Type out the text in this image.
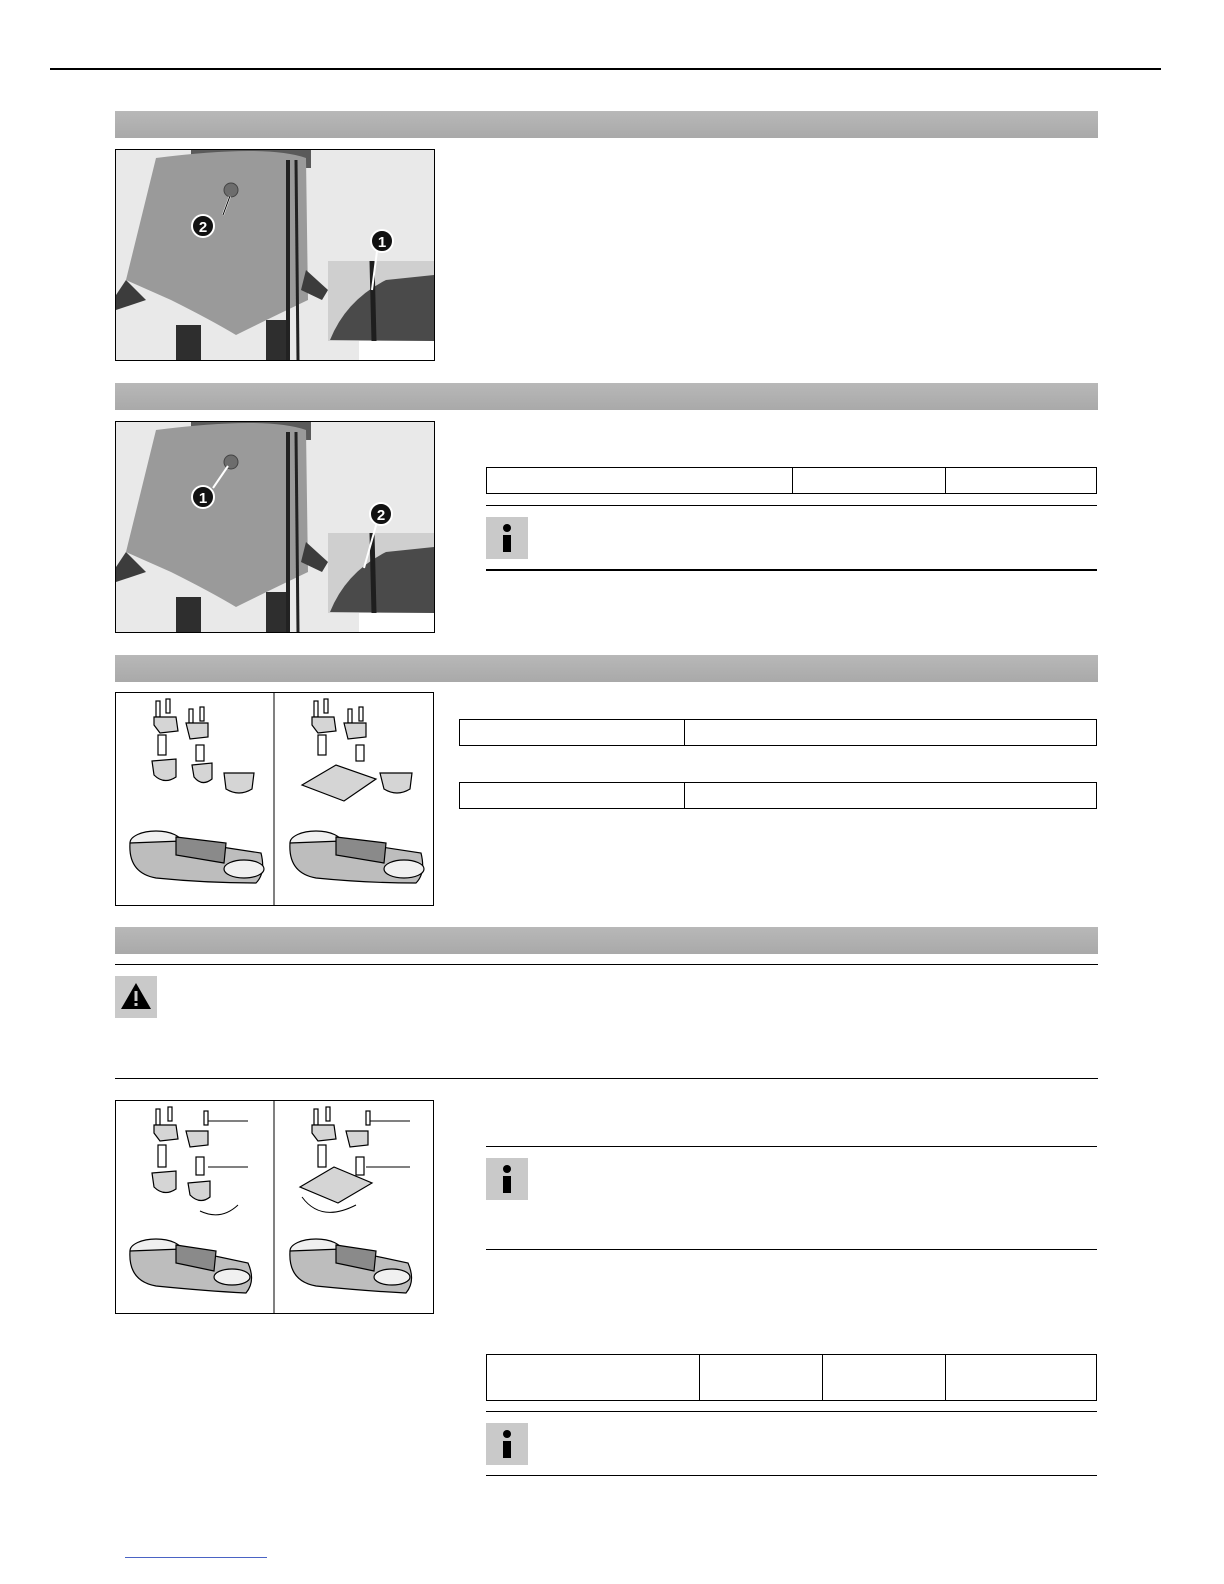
2
1
1
2
